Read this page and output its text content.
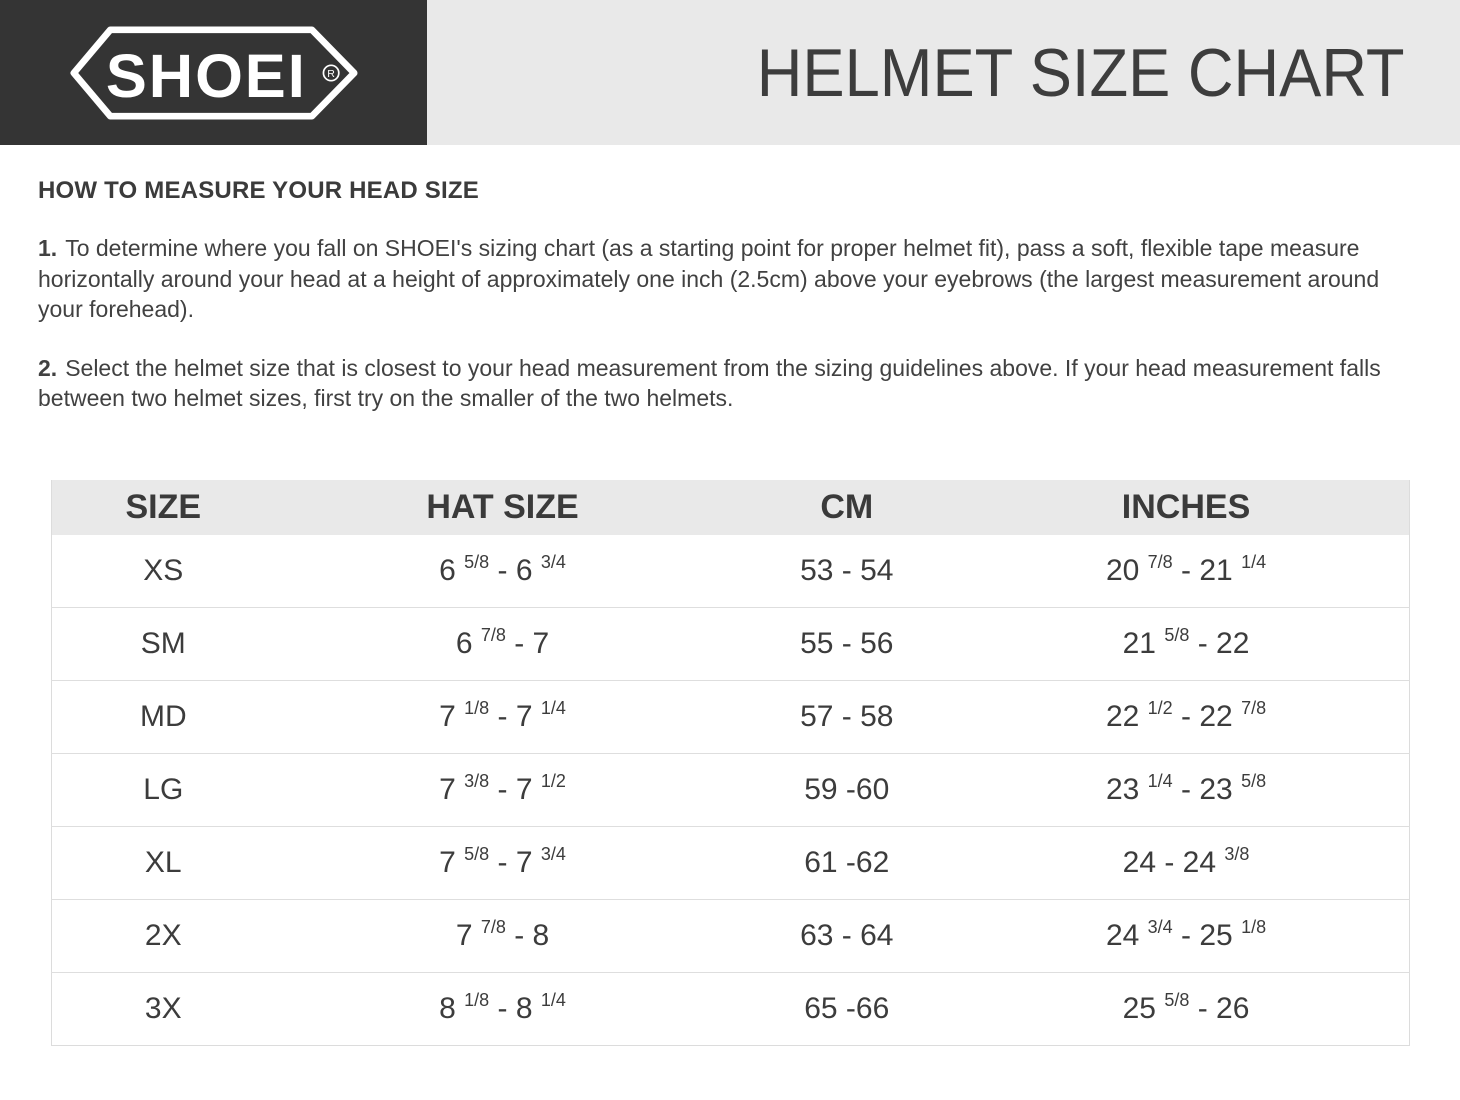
SHOEI R	HELMET SIZE CHART
HOW TO MEASURE YOUR HEAD SIZE

1. To determine where you fall on SHOEI's sizing chart (as a starting point for proper helmet fit), pass a soft, flexible tape measure horizontally around your head at a height of approximately one inch (2.5cm) above your eyebrows (the largest measurement around your forehead).

2. Select the helmet size that is closest to your head measurement from the sizing guidelines above. If your head measurement falls between two helmet sizes, first try on the smaller of the two helmets.

SIZE	HAT SIZE	CM	INCHES
XS	6 $^{5/8}$ - 6 $^{3/4}$	53 - 54	20 $^{7/8}$ - 21 $^{1/4}$
SM	6 $^{7/8}$ - 7	55 - 56	21 $^{5/8}$ - 22
MD	7 $^{1/8}$ - 7 $^{1/4}$	57 - 58	22 $^{1/2}$ - 22 $^{7/8}$
LG	7 $^{3/8}$ - 7 $^{1/2}$	59 -60	23 $^{1/4}$ - 23 $^{5/8}$
XL	7 $^{5/8}$ - 7 $^{3/4}$	61 -62	24 - 24 $^{3/8}$
2X	7 $^{7/8}$ - 8	63 - 64	24 $^{3/4}$ - 25 $^{1/8}$
3X	8 $^{1/8}$ - 8 $^{1/4}$	65 -66	25 $^{5/8}$ - 26
